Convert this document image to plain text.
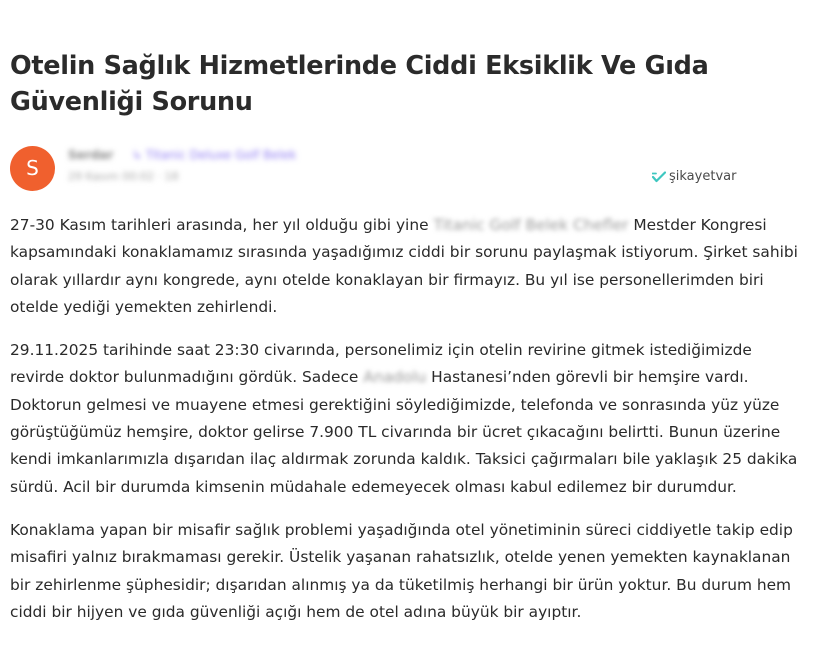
Otelin Sağlık Hizmetlerinde Ciddi Eksiklik Ve Gıda Güvenliği Sorunu
S
Serdar ↳ Titanic Deluxe Golf Belek
29 Kasım 00:02 · 18	şikayetvar

27-30 Kasım tarihleri arasında, her yıl olduğu gibi yine Titanic Golf Belek Chefler Mestder Kongresi kapsamındaki konaklamamız sırasında yaşadığımız ciddi bir sorunu paylaşmak istiyorum. Şirket sahibi olarak yıllardır aynı kongrede, aynı otelde konaklayan bir firmayız. Bu yıl ise personellerimden biri otelde yediği yemekten zehirlendi.

29.11.2025 tarihinde saat 23:30 civarında, personelimiz için otelin revirine gitmek istediğimizde revirde doktor bulunmadığını gördük. Sadece Anadolu Hastanesi’nden görevli bir hemşire vardı. Doktorun gelmesi ve muayene etmesi gerektiğini söylediğimizde, telefonda ve sonrasında yüz yüze görüştüğümüz hemşire, doktor gelirse 7.900 TL civarında bir ücret çıkacağını belirtti. Bunun üzerine kendi imkanlarımızla dışarıdan ilaç aldırmak zorunda kaldık. Taksici çağırmaları bile yaklaşık 25 dakika sürdü. Acil bir durumda kimsenin müdahale edemeyecek olması kabul edilemez bir durumdur.

Konaklama yapan bir misafir sağlık problemi yaşadığında otel yönetiminin süreci ciddiyetle takip edip misafiri yalnız bırakmaması gerekir. Üstelik yaşanan rahatsızlık, otelde yenen yemekten kaynaklanan bir zehirlenme şüphesidir; dışarıdan alınmış ya da tüketilmiş herhangi bir ürün yoktur. Bu durum hem ciddi bir hijyen ve gıda güvenliği açığı hem de otel adına büyük bir ayıptır.
